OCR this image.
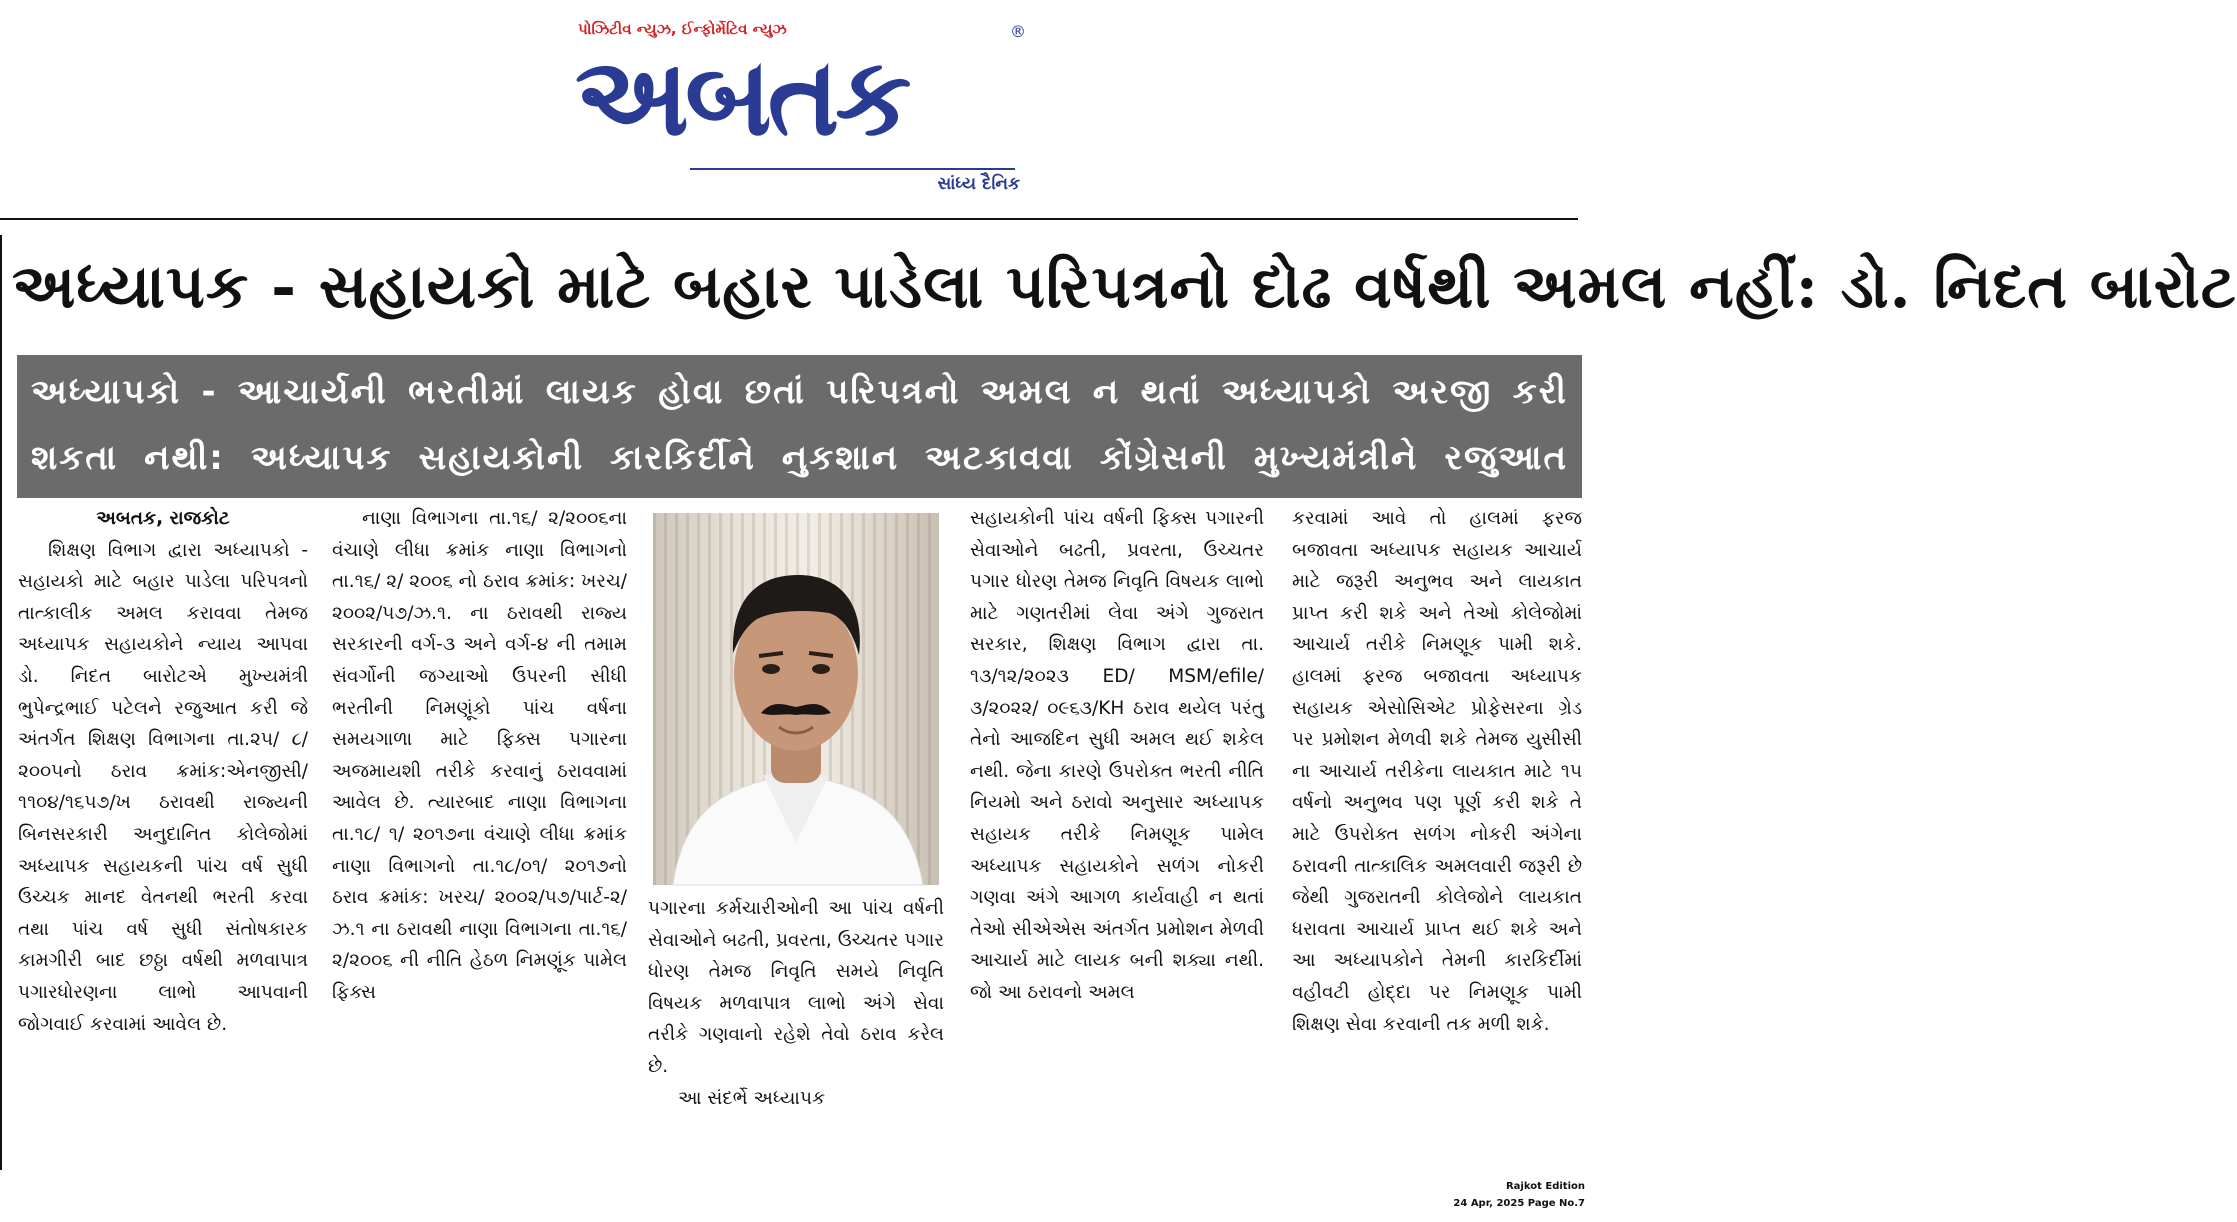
પોઝિટીવ ન્યુઝ, ઈન્ફોર્મેટિવ ન્યુઝ
અબતક
®
સાંધ્ય દૈનિક
અધ્યાપક - સહાયકો માટે બહાર પાડેલા પરિપત્રનો દોઢ વર્ષથી અમલ નહીં: ડો. નિદત બારોટ
અધ્યાપકો - આચાર્યની ભરતીમાં લાયક હોવા છતાં પરિપત્રનો અમલ ન થતાં અધ્યાપકો અરજી કરી શકતા નથી: અધ્યાપક સહાયકોની કારકિર્દીને નુકશાન અટકાવવા કોંગ્રેસની મુખ્યમંત્રીને રજુઆત

અબતક, રાજકોટ

શિક્ષણ વિભાગ દ્વારા અધ્યાપકો - સહાયકો માટે બહાર પાડેલા પરિપત્રનો તાત્કાલીક અમલ કરાવવા તેમજ અધ્યાપક સહાયકોને ન્યાય આપવા ડો. નિદત બારોટએ મુખ્યમંત્રી ભુપેન્દ્રભાઈ પટેલને રજુઆત કરી જે અંતર્ગત શિક્ષણ વિભાગના તા.૨૫/ ૮/ ૨૦૦૫નો ઠરાવ ક્રમાંક:એનજીસી/ ૧૧૦૪/૧૬૫૭/ખ ઠરાવથી રાજ્યની બિનસરકારી અનુદાનિત કોલેજોમાં અધ્યાપક સહાયકની પાંચ વર્ષ સુધી ઉચ્ચક માનદ વેતનથી ભરતી કરવા તથા પાંચ વર્ષ સુધી સંતોષકારક કામગીરી બાદ છઠ્ઠા વર્ષથી મળવાપાત્ર પગારધોરણના લાભો આપવાની જોગવાઈ કરવામાં આવેલ છે.

નાણા વિભાગના તા.૧૬/ ૨/૨૦૦૬ના વંચાણે લીધા ક્રમાંક નાણા વિભાગનો તા.૧૬/ ૨/ ૨૦૦૬ નો ઠરાવ ક્રમાંક: ખરચ/ ૨૦૦૨/૫૭/ઝ.૧. ના ઠરાવથી રાજ્ય સરકારની વર્ગ-૩ અને વર્ગ-૪ ની તમામ સંવર્ગોની જગ્યાઓ ઉપરની સીધી ભરતીની નિમણૂંકો પાંચ વર્ષના સમયગાળા માટે ફિક્સ પગારના અજમાયશી તરીકે કરવાનું ઠરાવવામાં આવેલ છે. ત્યારબાદ નાણા વિભાગના તા.૧૮/ ૧/ ૨૦૧૭ના વંચાણે લીધા ક્રમાંક નાણા વિભાગનો તા.૧૮/૦૧/ ૨૦૧૭નો ઠરાવ ક્રમાંક: ખરચ/ ૨૦૦૨/૫૭/પાર્ટ-૨/ઝ.૧ ના ઠરાવથી નાણા વિભાગના તા.૧૬/ ૨/૨૦૦૬ ની નીતિ હેઠળ નિમણૂંક પામેલ ફિક્સ

પગારના કર્મચારીઓની આ પાંચ વર્ષની સેવાઓને બઢતી, પ્રવરતા, ઉચ્ચતર પગાર ધોરણ તેમજ નિવૃતિ સમયે નિવૃતિ વિષયક મળવાપાત્ર લાભો અંગે સેવા તરીકે ગણવાનો રહેશે તેવો ઠરાવ કરેલ છે.

આ સંદર્ભે અધ્યાપક

સહાયકોની પાંચ વર્ષની ફિક્સ પગારની સેવાઓને બઢતી, પ્રવરતા, ઉચ્ચતર પગાર ધોરણ તેમજ નિવૃતિ વિષયક લાભો માટે ગણતરીમાં લેવા અંગે ગુજરાત સરકાર, શિક્ષણ વિભાગ દ્વારા તા. ૧૩/૧૨/૨૦૨૩ ED/ MSM/efile/૩/૨૦૨૨/ ૦૯૬૩/KH ઠરાવ થયેલ પરંતુ તેનો આજદિન સુધી અમલ થઈ શકેલ નથી. જેના કારણે ઉપરોક્ત ભરતી નીતિ નિયમો અને ઠરાવો અનુસાર અધ્યાપક સહાયક તરીકે નિમણૂક પામેલ અધ્યાપક સહાયકોને સળંગ નોકરી ગણવા અંગે આગળ કાર્યવાહી ન થતાં તેઓ સીએએસ અંતર્ગત પ્રમોશન મેળવી આચાર્ય માટે લાયક બની શક્યા નથી. જો આ ઠરાવનો અમલ

કરવામાં આવે તો હાલમાં ફરજ બજાવતા અધ્યાપક સહાયક આચાર્ય માટે જરૂરી અનુભવ અને લાયકાત પ્રાપ્ત કરી શકે અને તેઓ કોલેજોમાં આચાર્ય તરીકે નિમણૂક પામી શકે. હાલમાં ફરજ બજાવતા અધ્યાપક સહાયક એસોસિએટ પ્રોફેસરના ગ્રેડ પર પ્રમોશન મેળવી શકે તેમજ યુસીસી ના આચાર્ય તરીકેના લાયકાત માટે ૧૫ વર્ષનો અનુભવ પણ પૂર્ણ કરી શકે તે માટે ઉપરોક્ત સળંગ નોકરી અંગેના ઠરાવની તાત્કાલિક અમલવારી જરૂરી છે જેથી ગુજરાતની કોલેજોને લાયકાત ધરાવતા આચાર્ય પ્રાપ્ત થઈ શકે અને આ અધ્યાપકોને તેમની કારકિર્દીમાં વહીવટી હોદ્દા પર નિમણૂક પામી શિક્ષણ સેવા કરવાની તક મળી શકે.

Rajkot Edition
24 Apr, 2025 Page No.7
